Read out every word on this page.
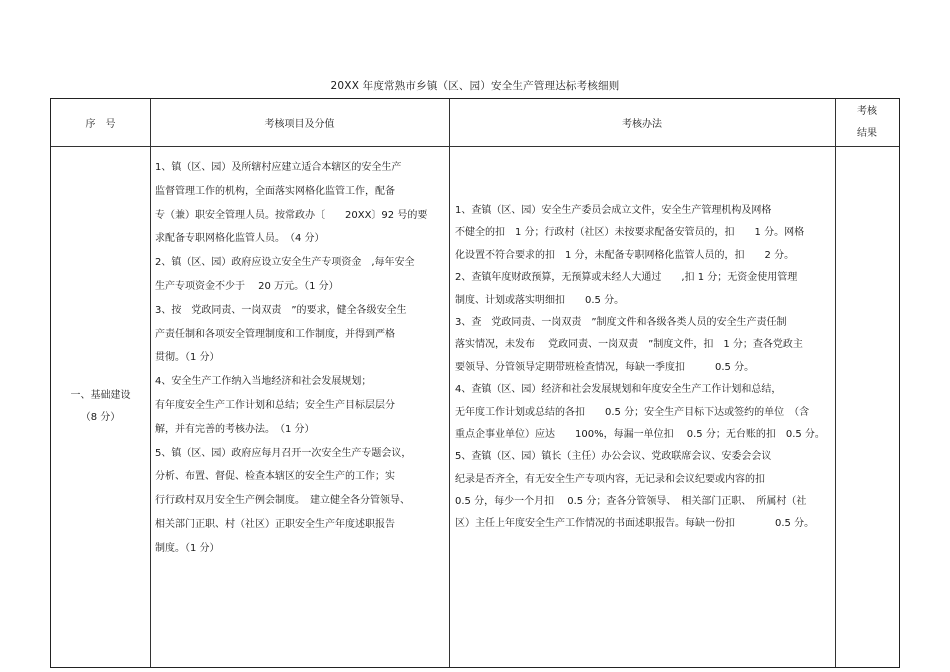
20XX 年度常熟市乡镇（区、园）安全生产管理达标考核细则
序　号	考核项目及分值	考核办法
考核
结果
一、基础建设
（8 分）
1、镇（区、园）及所辖村应建立适合本辖区的安全生产
监督管理工作的机构，全面落实网格化监管工作，配备
专（兼）职安全管理人员。按常政办〔　　20XX〕92 号的要
求配备专职网格化监管人员。　（4 分）
2、镇（区、园）政府应设立安全生产专项资金　,每年安全
生产专项资金不少于　 20 万元。（1 分）
3、按　党政同责、一岗双责　”的要求，健全各级安全生
产责任制和各项安全管理制度和工作制度，并得到严格
贯彻。（1 分）
4、安全生产工作纳入当地经济和社会发展规划；
有年度安全生产工作计划和总结；安全生产目标层层分
解，并有完善的考核办法。　（1 分）
5、镇（区、园）政府应每月召开一次安全生产专题会议，
分析、布置、督促、检查本辖区的安全生产的工作；实
行行政村双月安全生产例会制度。　建立健全各分管领导、
相关部门正职、村（社区）正职安全生产年度述职报告
制度。（1 分）
1、查镇（区、园）安全生产委员会成立文件，安全生产管理机构及网格
不健全的扣　1 分；行政村（社区）未按要求配备安管员的，扣　　1 分。网格
化设置不符合要求的扣　1 分，未配备专职网格化监管人员的，扣　　2 分。
2、查镇年度财政预算，无预算或未经人大通过　　,扣 1 分；无资金使用管理
制度、计划或落实明细扣　　0.5 分。
3、查　党政同责、一岗双责　”制度文件和各级各类人员的安全生产责任制
落实情况，未发布　 党政同责、一岗双责　”制度文件，扣　1 分；查各党政主
要领导、分管领导定期带班检查情况，每缺一季度扣　　　0.5 分。
4、查镇（区、园）经济和社会发展规划和年度安全生产工作计划和总结，
无年度工作计划或总结的各扣　　0.5 分；安全生产目标下达或签约的单位　（含
重点企事业单位）应达　　100%，每漏一单位扣　 0.5 分；无台账的扣　0.5 分。
5、查镇（区、园）镇长（主任）办公会议、党政联席会议、安委会会议
纪录是否齐全，有无安全生产专项内容，无记录和会议纪要或内容的扣
0.5 分，每少一个月扣　 0.5 分；查各分管领导、　相关部门正职、　所属村（社
区）主任上年度安全生产工作情况的书面述职报告。每缺一份扣　　　　0.5 分。
